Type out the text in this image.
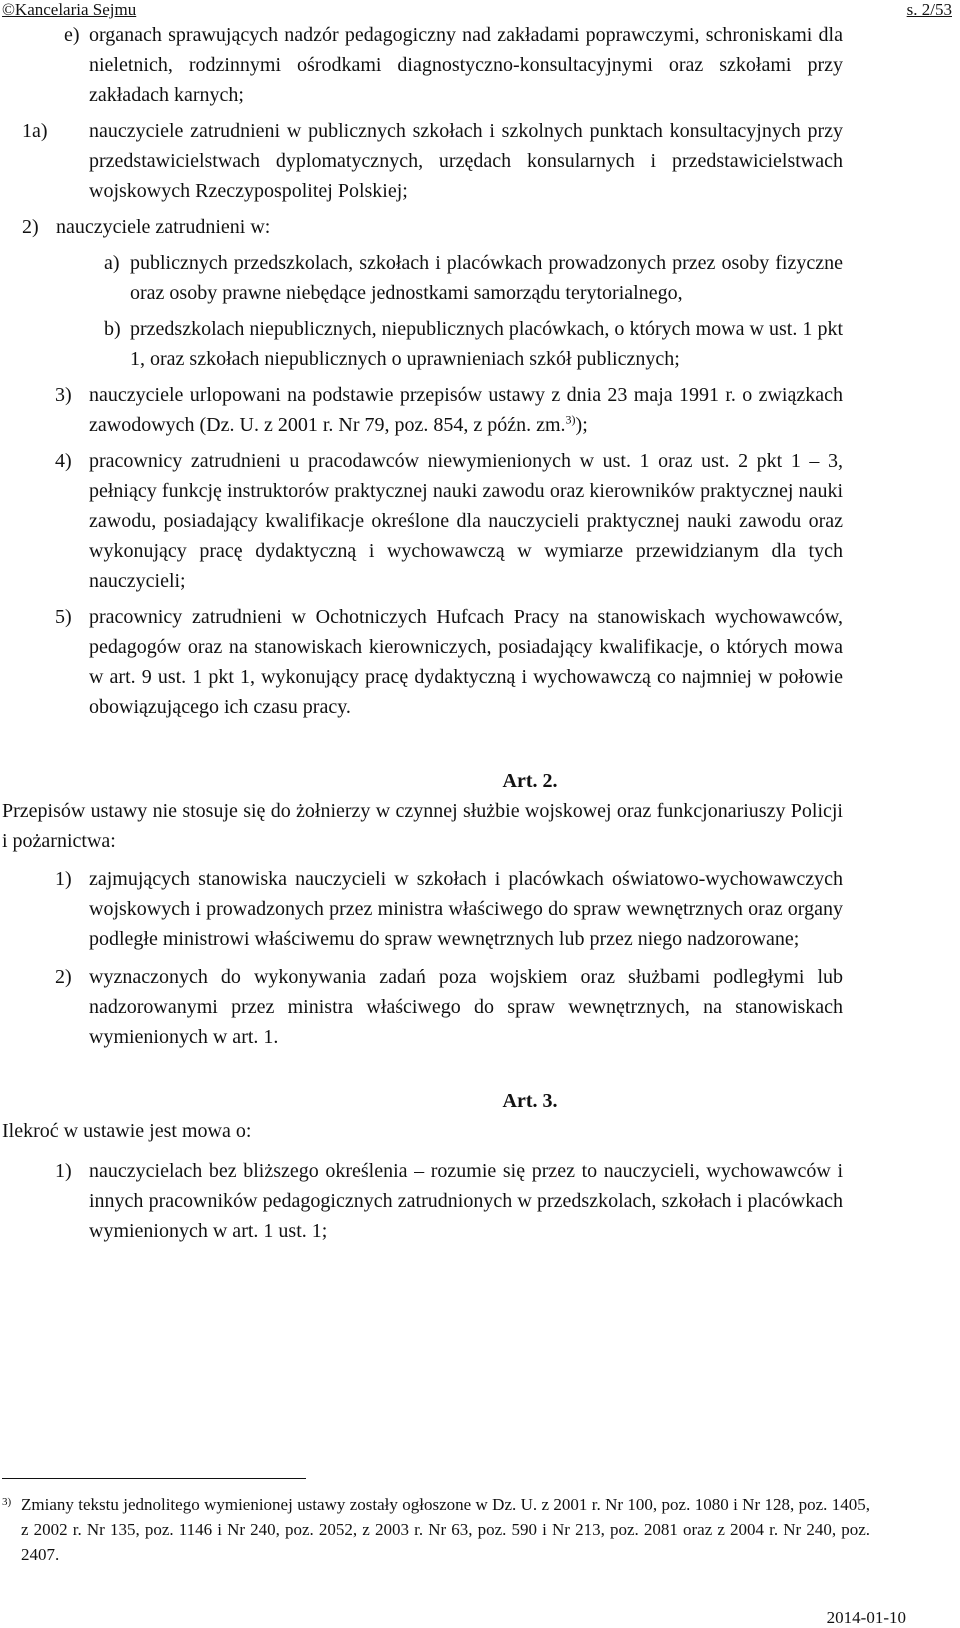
©Kancelaria Sejmu	s. 2/53
e) organach sprawujących nadzór pedagogiczny nad zakładami poprawczymi, schroniskami dla nieletnich, rodzinnymi ośrodkami diagnostyczno-konsultacyjnymi oraz szkołami przy zakładach karnych;

1a) nauczyciele zatrudnieni w publicznych szkołach i szkolnych punktach konsultacyjnych przy przedstawicielstwach dyplomatycznych, urzędach konsularnych i przedstawicielstwach wojskowych Rzeczypospolitej Polskiej;

2) nauczyciele zatrudnieni w:

a) publicznych przedszkolach, szkołach i placówkach prowadzonych przez osoby fizyczne oraz osoby prawne niebędące jednostkami samorządu terytorialnego,

b) przedszkolach niepublicznych, niepublicznych placówkach, o których mowa w ust. 1 pkt 1, oraz szkołach niepublicznych o uprawnieniach szkół publicznych;

3) nauczyciele urlopowani na podstawie przepisów ustawy z dnia 23 maja 1991 r. o związkach zawodowych (Dz. U. z 2001 r. Nr 79, poz. 854, z późn. zm.$^{3)}$);

4) pracownicy zatrudnieni u pracodawców niewymienionych w ust. 1 oraz ust. 2 pkt 1 – 3, pełniący funkcję instruktorów praktycznej nauki zawodu oraz kierowników praktycznej nauki zawodu, posiadający kwalifikacje określone dla nauczycieli praktycznej nauki zawodu oraz wykonujący pracę dydaktyczną i wychowawczą w wymiarze przewidzianym dla tych nauczycieli;

5) pracownicy zatrudnieni w Ochotniczych Hufcach Pracy na stanowiskach wychowawców, pedagogów oraz na stanowiskach kierowniczych, posiadający kwalifikacje, o których mowa w art. 9 ust. 1 pkt 1, wykonujący pracę dydaktyczną i wychowawczą co najmniej w połowie obowiązującego ich czasu pracy.

Art. 2.

Przepisów ustawy nie stosuje się do żołnierzy w czynnej służbie wojskowej oraz funkcjonariuszy Policji i pożarnictwa:

1) zajmujących stanowiska nauczycieli w szkołach i placówkach oświatowo-wychowawczych wojskowych i prowadzonych przez ministra właściwego do spraw wewnętrznych oraz organy podległe ministrowi właściwemu do spraw wewnętrznych lub przez niego nadzorowane;

2) wyznaczonych do wykonywania zadań poza wojskiem oraz służbami podległymi lub nadzorowanymi przez ministra właściwego do spraw wewnętrznych, na stanowiskach wymienionych w art. 1.

Art. 3.

Ilekroć w ustawie jest mowa o:

1) nauczycielach bez bliższego określenia – rozumie się przez to nauczycieli, wychowawców i innych pracowników pedagogicznych zatrudnionych w przedszkolach, szkołach i placówkach wymienionych w art. 1 ust. 1;

3) Zmiany tekstu jednolitego wymienionej ustawy zostały ogłoszone w Dz. U. z 2001 r. Nr 100, poz. 1080 i Nr 128, poz. 1405, z 2002 r. Nr 135, poz. 1146 i Nr 240, poz. 2052, z 2003 r. Nr 63, poz. 590 i Nr 213, poz. 2081 oraz z 2004 r. Nr 240, poz. 2407.
2014-01-10
